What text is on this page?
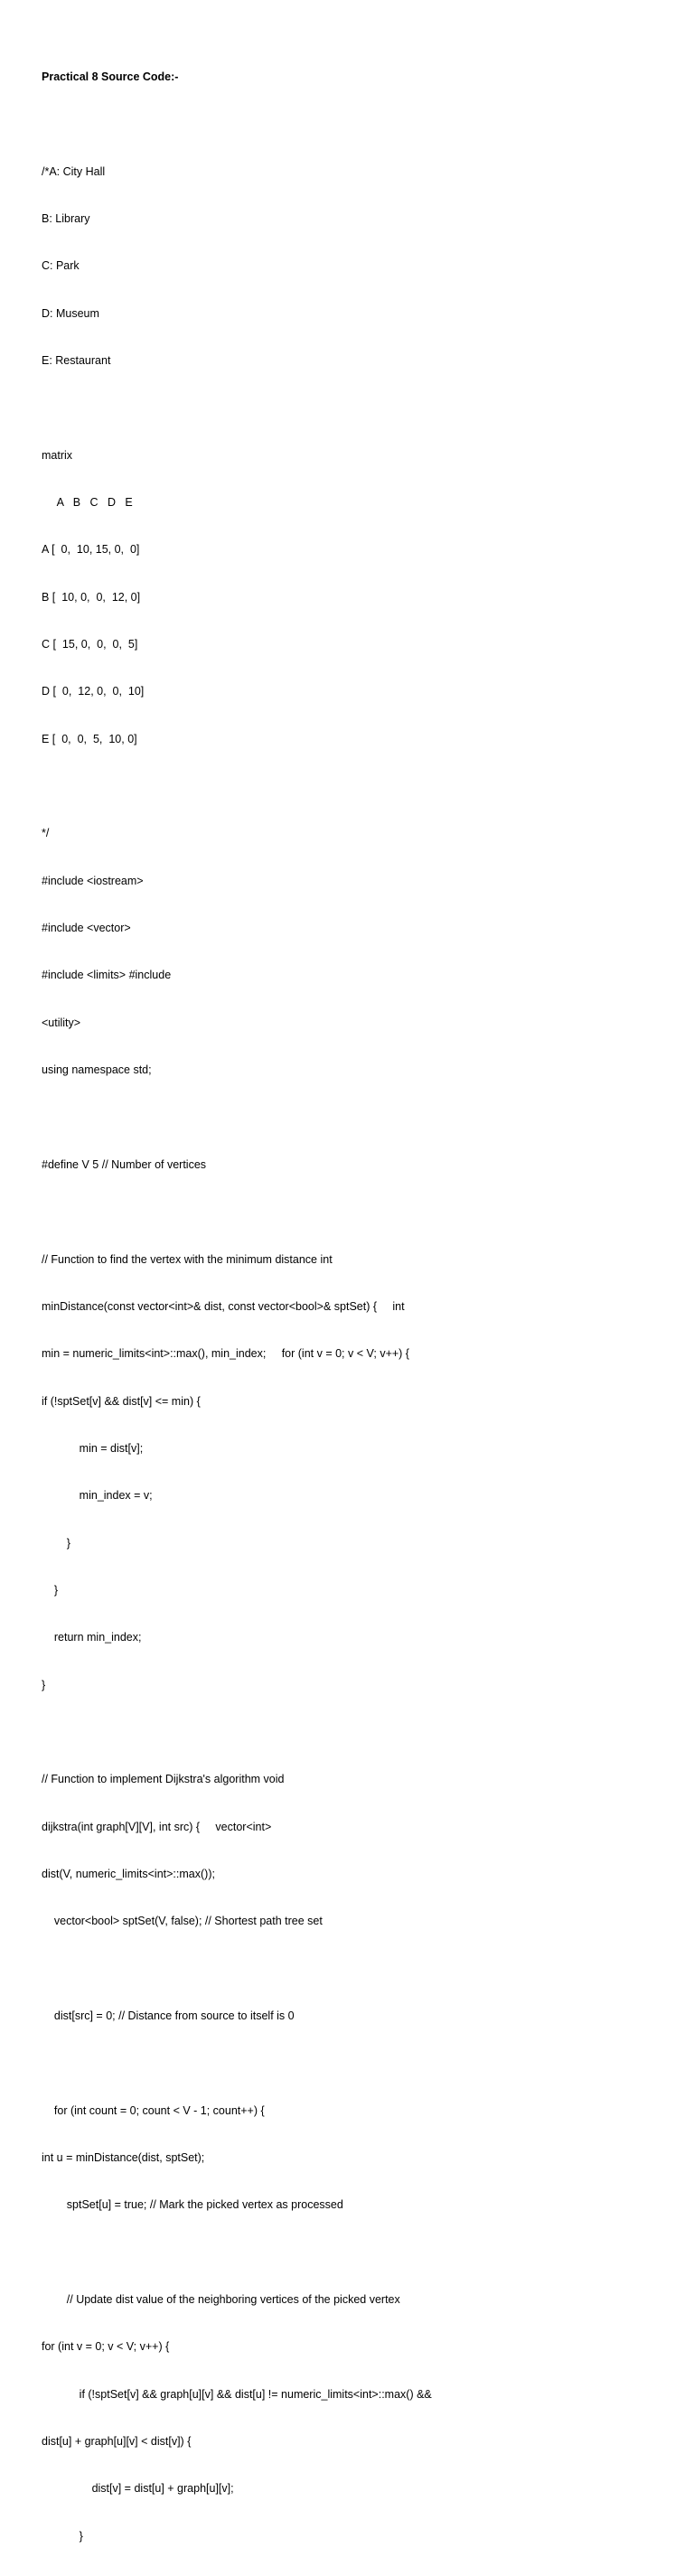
Practical 8 Source Code:-

/*A: City Hall

B: Library

C: Park

D: Museum

E: Restaurant

matrix

A   B   C   D   E

A [  0,  10, 15, 0,  0]

B [  10, 0,  0,  12, 0]

C [  15, 0,  0,  0,  5]

D [  0,  12, 0,  0,  10]

E [  0,  0,  5,  10, 0]

*/

#include <iostream>

#include <vector>

#include <limits> #include

<utility>

using namespace std;

#define V 5 // Number of vertices

// Function to find the vertex with the minimum distance int

minDistance(const vector<int>& dist, const vector<bool>& sptSet) {     int

min = numeric_limits<int>::max(), min_index;     for (int v = 0; v < V; v++) {

if (!sptSet[v] && dist[v] <= min) {

min = dist[v];

min_index = v;

}

}

return min_index;

}

// Function to implement Dijkstra's algorithm void

dijkstra(int graph[V][V], int src) {     vector<int>

dist(V, numeric_limits<int>::max());

vector<bool> sptSet(V, false); // Shortest path tree set

dist[src] = 0; // Distance from source to itself is 0

for (int count = 0; count < V - 1; count++) {

int u = minDistance(dist, sptSet);

sptSet[u] = true; // Mark the picked vertex as processed

// Update dist value of the neighboring vertices of the picked vertex

for (int v = 0; v < V; v++) {

if (!sptSet[v] && graph[u][v] && dist[u] != numeric_limits<int>::max() &&

dist[u] + graph[u][v] < dist[v]) {

dist[v] = dist[u] + graph[u][v];

}
